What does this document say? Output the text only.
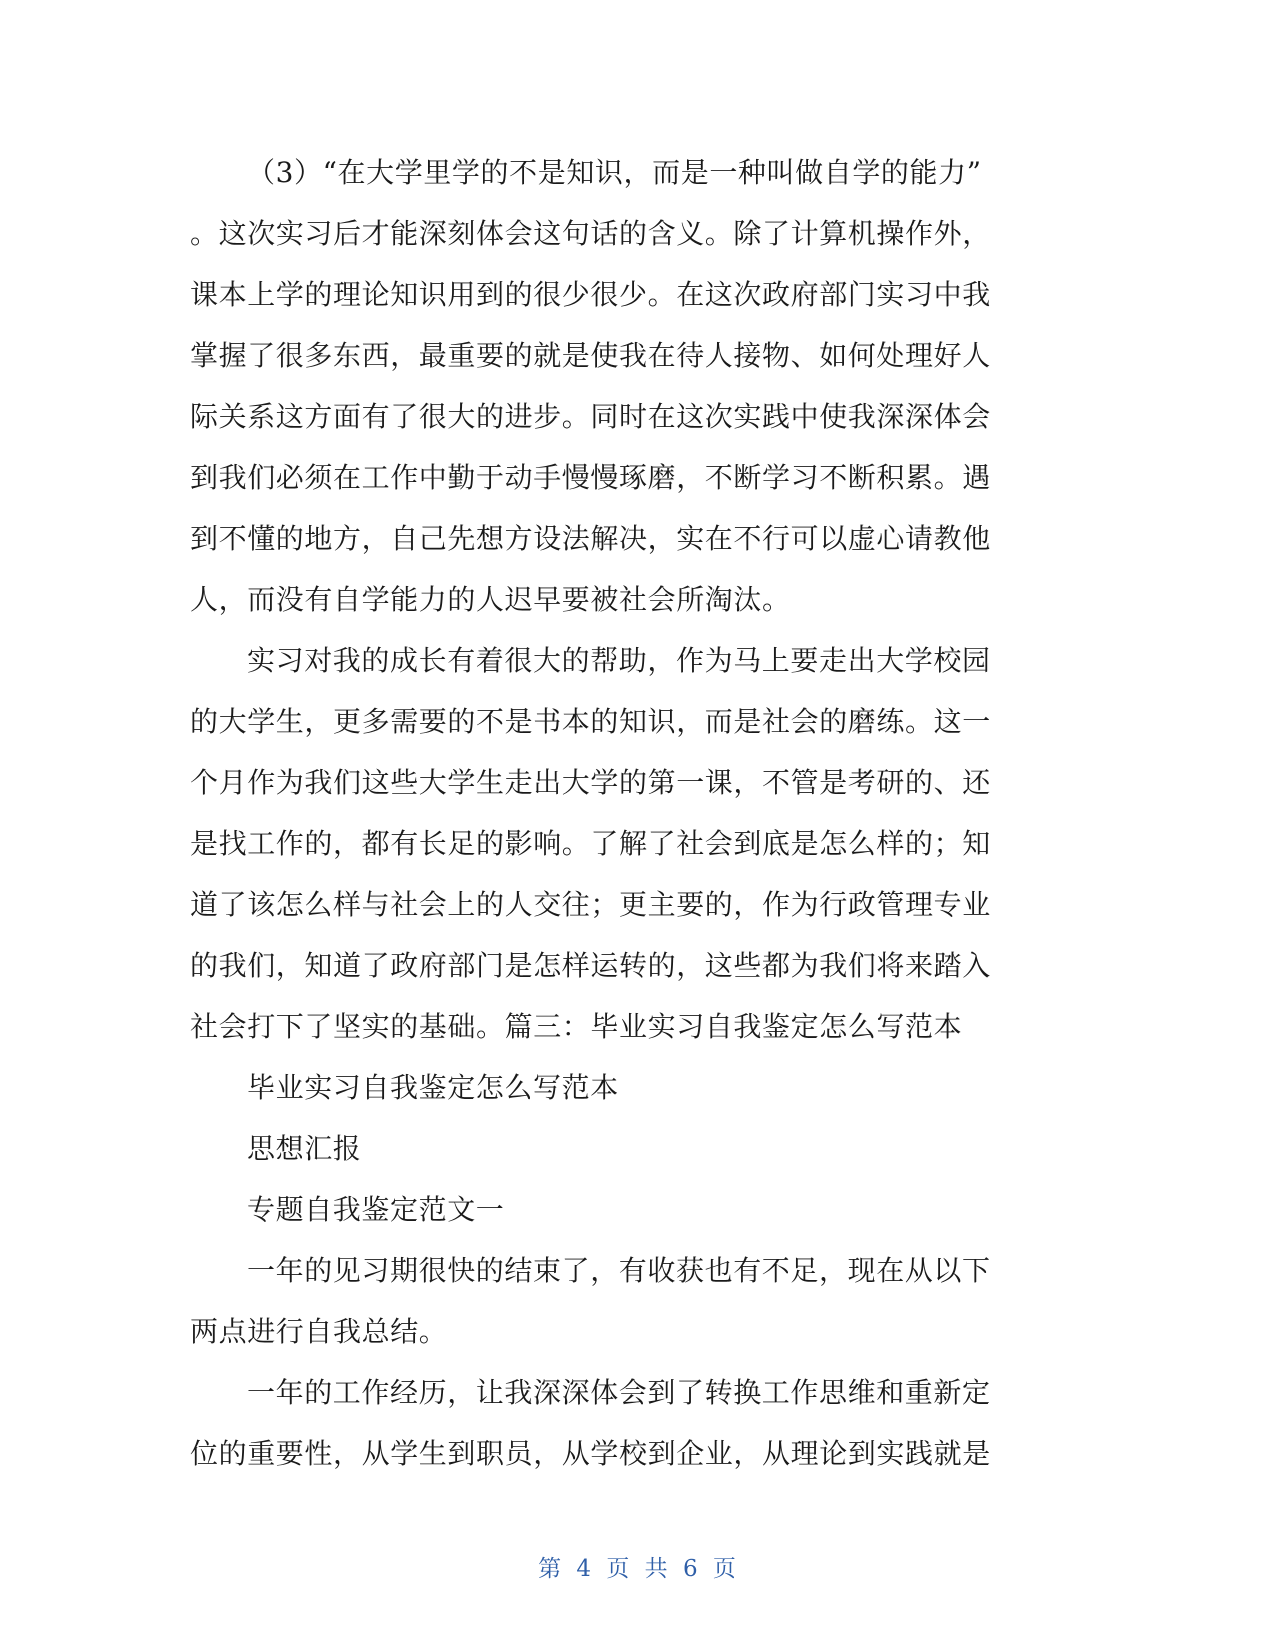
（3）“在大学里学的不是知识，而是一种叫做自学的能力”
。这次实习后才能深刻体会这句话的含义。除了计算机操作外，
课本上学的理论知识用到的很少很少。在这次政府部门实习中我
掌握了很多东西，最重要的就是使我在待人接物、如何处理好人
际关系这方面有了很大的进步。同时在这次实践中使我深深体会
到我们必须在工作中勤于动手慢慢琢磨，不断学习不断积累。遇
到不懂的地方，自己先想方设法解决，实在不行可以虚心请教他
人，而没有自学能力的人迟早要被社会所淘汰。
实习对我的成长有着很大的帮助，作为马上要走出大学校园
的大学生，更多需要的不是书本的知识，而是社会的磨练。这一
个月作为我们这些大学生走出大学的第一课，不管是考研的、还
是找工作的，都有长足的影响。了解了社会到底是怎么样的；知
道了该怎么样与社会上的人交往；更主要的，作为行政管理专业
的我们，知道了政府部门是怎样运转的，这些都为我们将来踏入
社会打下了坚实的基础。篇三：毕业实习自我鉴定怎么写范本
毕业实习自我鉴定怎么写范本
思想汇报
专题自我鉴定范文一
一年的见习期很快的结束了，有收获也有不足，现在从以下
两点进行自我总结。
一年的工作经历，让我深深体会到了转换工作思维和重新定
位的重要性，从学生到职员，从学校到企业，从理论到实践就是
第 4 页 共 6 页
